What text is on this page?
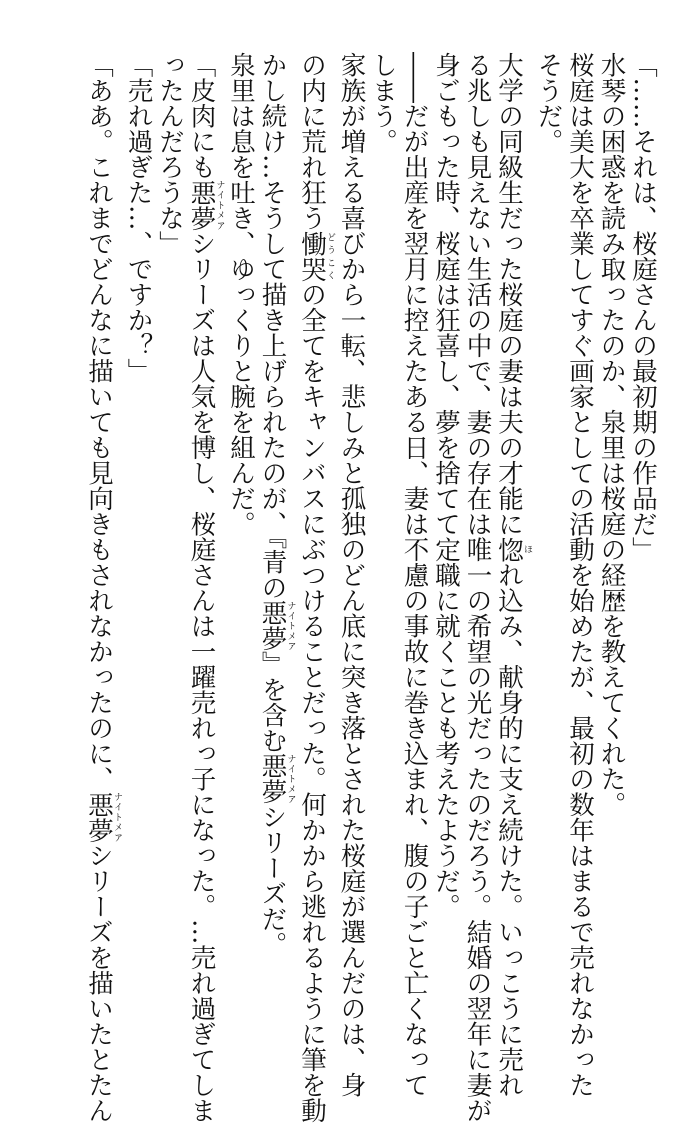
「……それは、桜庭さんの最初期の作品だ」
水琴の困惑を読み取ったのか、泉里は桜庭の経歴を教えてくれた。
桜庭は美大を卒業してすぐ画家としての活動を始めたが、最初の数年はまるで売れなかった
そうだ。
大学の同級生だった桜庭の妻は夫の才能に惚ほれ込み、献身的に支え続けた。いっこうに売れ
る兆しも見えない生活の中で、妻の存在は唯一の希望の光だったのだろう。結婚の翌年に妻が
身ごもった時、桜庭は狂喜し、夢を捨てて定職に就くことも考えたようだ。
――だが出産を翌月に控えたある日、妻は不慮の事故に巻き込まれ、腹の子ごと亡くなって
しまう。
家族が増える喜びから一転、悲しみと孤独のどん底に突き落とされた桜庭が選んだのは、身
の内に荒れ狂う慟哭どうこくの全てをキャンバスにぶつけることだった。何かから逃れるように筆を動
かし続け…そうして描き上げられたのが、『青の悪夢ナイトメア』を含む悪夢ナイトメアシリーズだ。
泉里は息を吐き、ゆっくりと腕を組んだ。
「皮肉にも悪夢ナイトメアシリーズは人気を博し、桜庭さんは一躍売れっ子になった。…売れ過ぎてしま
ったんだろうな」
「売れ過ぎた…、ですか？」
「ああ。これまでどんなに描いても見向きもされなかったのに、悪夢ナイトメアシリーズを描いたとたん
